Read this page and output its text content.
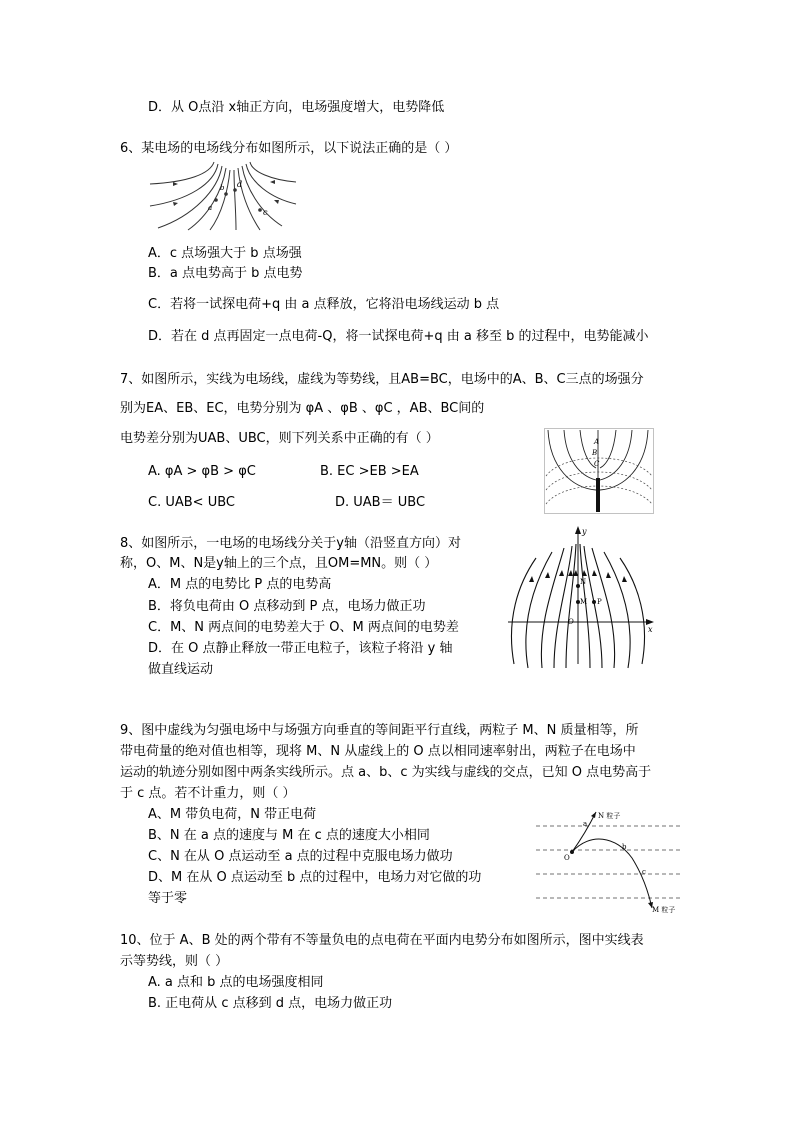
D．从 O点沿 x轴正方向，电场强度增大，电势降低
6、某电场的电场线分布如图所示，以下说法正确的是（ ）
a
b d
c
A．c 点场强大于 b 点场强
B．a 点电势高于 b 点电势
C．若将一试探电荷+q 由 a 点释放，它将沿电场线运动 b 点
D．若在 d 点再固定一点电荷-Q，将一试探电荷+q 由 a 移至 b 的过程中，电势能减小
7、如图所示，实线为电场线，虚线为等势线，且AB=BC，电场中的A、B、C三点的场强分
别为EA、EB、EC，电势分别为 φA 、φB 、φC ，AB、BC间的
电势差分别为UAB、UBC，则下列关系中正确的有（ ）
A. φA > φB > φC	B. EC >EB >EA
C. UAB< UBC	D. UAB＝ UBC
A
B
C
8、如图所示，一电场的电场线分关于y轴（沿竖直方向）对
称，O、M、N是y轴上的三个点，且OM=MN。则（ ）
A．M 点的电势比 P 点的电势高
B．将负电荷由 O 点移动到 P 点，电场力做正功
C．M、N 两点间的电势差大于 O、M 两点间的电势差
D．在 O 点静止释放一带正电粒子，该粒子将沿 y 轴
做直线运动
y
x
N
M P
O
9、图中虚线为匀强电场中与场强方向垂直的等间距平行直线，两粒子 M、N 质量相等，所
带电荷量的绝对值也相等，现将 M、N 从虚线上的 O 点以相同速率射出，两粒子在电场中
运动的轨迹分别如图中两条实线所示。点 a、b、c 为实线与虚线的交点，已知 O 点电势高于
于 c 点。若不计重力，则（ ）
A、M 带负电荷，N 带正电荷
B、N 在 a 点的速度与 M 在 c 点的速度大小相同
C、N 在从 O 点运动至 a 点的过程中克服电场力做功
D、M 在从 O 点运动至 b 点的过程中，电场力对它做的功
等于零
N 粒子
M 粒子
O
a
b
c
10、位于 A、B 处的两个带有不等量负电的点电荷在平面内电势分布如图所示，图中实线表
示等势线，则（ ）
A. a 点和 b 点的电场强度相同
B. 正电荷从 c 点移到 d 点，电场力做正功
